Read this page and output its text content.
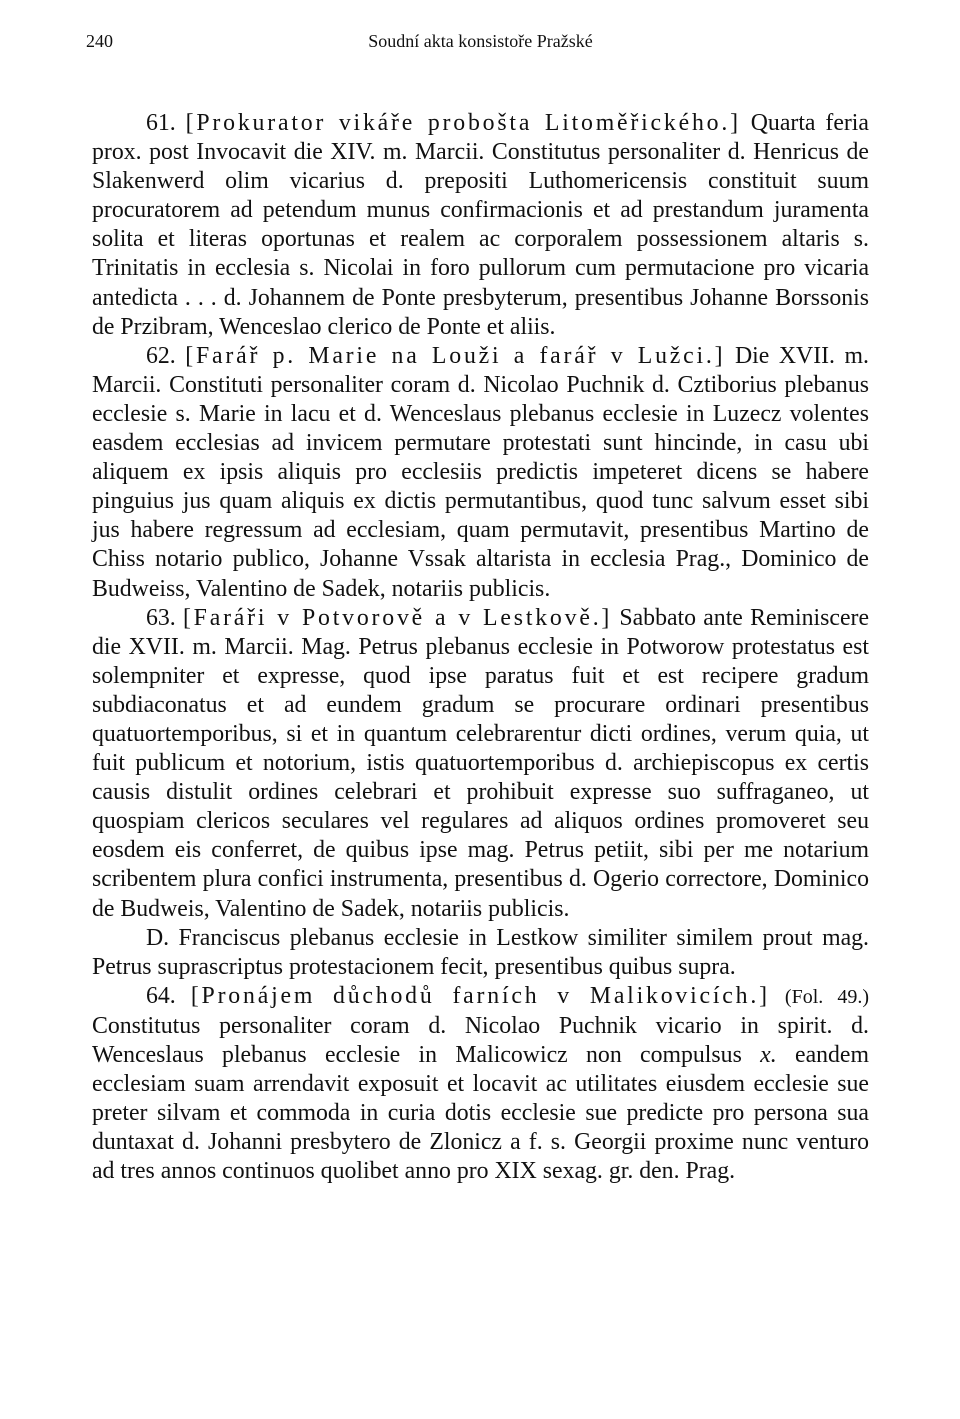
240	Soudní akta konsistoře Pražské

61. [Prokurator vikáře probošta Litoměřického.] Quarta feria prox. post Invocavit die XIV. m. Marcii. Constitutus personaliter d. Henricus de Slakenwerd olim vicarius d. prepositi Luthomericensis constituit suum procuratorem ad petendum munus confirmacionis et ad prestandum juramenta solita et literas oportunas et realem ac corporalem possessionem altaris s. Trinitatis in ecclesia s. Nicolai in foro pullorum cum permutacione pro vicaria antedicta . . . d. Johannem de Ponte presbyterum, presentibus Johanne Borssonis de Przibram, Wenceslao clerico de Ponte et aliis.

62. [Farář p. Marie na Louži a farář v Lužci.] Die XVII. m. Marcii. Constituti personaliter coram d. Nicolao Puchnik d. Cztiborius plebanus ecclesie s. Marie in lacu et d. Wenceslaus plebanus ecclesie in Luzecz volentes easdem ecclesias ad invicem permutare protestati sunt hincinde, in casu ubi aliquem ex ipsis aliquis pro ecclesiis predictis impeteret dicens se habere pinguius jus quam aliquis ex dictis permutantibus, quod tunc salvum esset sibi jus habere regressum ad ecclesiam, quam permutavit, presentibus Martino de Chiss notario publico, Johanne Vssak altarista in ecclesia Prag., Dominico de Budweiss, Valentino de Sadek, notariis publicis.

63. [Faráři v Potvorově a v Lestkově.] Sabbato ante Reminiscere die XVII. m. Marcii. Mag. Petrus plebanus ecclesie in Potworow protestatus est solempniter et expresse, quod ipse paratus fuit et est recipere gradum subdiaconatus et ad eundem gradum se procurare ordinari presentibus quatuortemporibus, si et in quantum celebrarentur dicti ordines, verum quia, ut fuit publicum et notorium, istis quatuortemporibus d. archiepiscopus ex certis causis distulit ordines celebrari et prohibuit expresse suo suffraganeo, ut quospiam clericos seculares vel regulares ad aliquos ordines promoveret seu eosdem eis conferret, de quibus ipse mag. Petrus petiit, sibi per me notarium scribentem plura confici instrumenta, presentibus d. Ogerio correctore, Dominico de Budweis, Valentino de Sadek, notariis publicis.

D. Franciscus plebanus ecclesie in Lestkow similiter similem prout mag. Petrus suprascriptus protestacionem fecit, presentibus quibus supra.

64. [Pronájem důchodů farních v Malikovicích.] (Fol. 49.) Constitutus personaliter coram d. Nicolao Puchnik vicario in spirit. d. Wenceslaus plebanus ecclesie in Malicowicz non compulsus x. eandem ecclesiam suam arrendavit exposuit et locavit ac utilitates eiusdem ecclesie sue preter silvam et commoda in curia dotis ecclesie sue predicte pro persona sua duntaxat d. Johanni presbytero de Zlonicz a f. s. Georgii proxime nunc venturo ad tres annos continuos quolibet anno pro XIX sexag. gr. den. Prag.
